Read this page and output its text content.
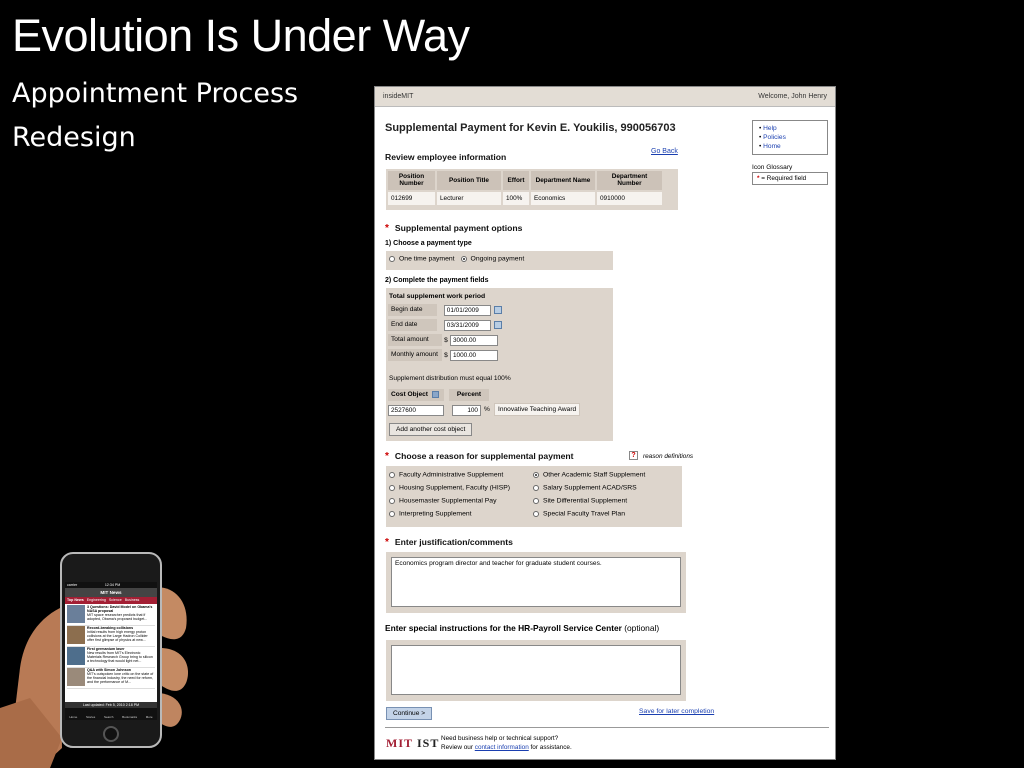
Evolution Is Under Way
Appointment Process
Redesign
insideMIT	Welcome, John Henry
Supplemental Payment for Kevin E. Youkilis, 990056703
Go Back
• Help
• Policies
• Home
Icon Glossary
* = Required field
Review employee information
Position Number	Position Title	Effort	Department Name	Department Number
012699	Lecturer	100%	Economics	0910000
* Supplemental payment options
1) Choose a payment type
One time payment Ongoing payment
2) Complete the payment fields
Total supplement work period
Begin date	01/01/2009
End date	03/31/2009
Total amount	$ 3000.00
Monthly amount $ 1000.00
Supplement distribution must equal 100%
Cost Object	Percent
2527600	100 %	Innovative Teaching Award
Add another cost object
* Choose a reason for supplemental payment	?	reason definitions
Faculty Administrative Supplement
Housing Supplement, Faculty (HISP)
Housemaster Supplemental Pay
Interpreting Supplement
Other Academic Staff Supplement
Salary Supplement ACAD/SRS
Site Differential Supplement
Special Faculty Travel Plan
* Enter justification/comments
Economics program director and teacher for graduate student courses.
Enter special instructions for the HR-Payroll Service Center (optional)
Continue >	Save for later completion
MIT IST Need business help or technical support?
Review our contact information for assistance.
carrier	12:34 PM
MIT News
Top News Engineering Science Business
3 Questions: David Model on Obama's NASA proposal
MIT space researcher predicts that if adopted, Obama's proposed budget...
Record-breaking collisions
Initial results from high energy proton collisions at the Large Hadron Collider offer first glimpse of physics at new...
First germanium laser
New results from MIT's Electronic Materials Research Group bring to silicon a technology that would light net...
Q&A with Simon Johnson
MIT's outspoken lone critic on the state of the financial industry, the need for reform, and the performance of M...
Last updated: Feb 5, 2010 2:18 PM
Home	Stories	Search	Bookmarks	More
